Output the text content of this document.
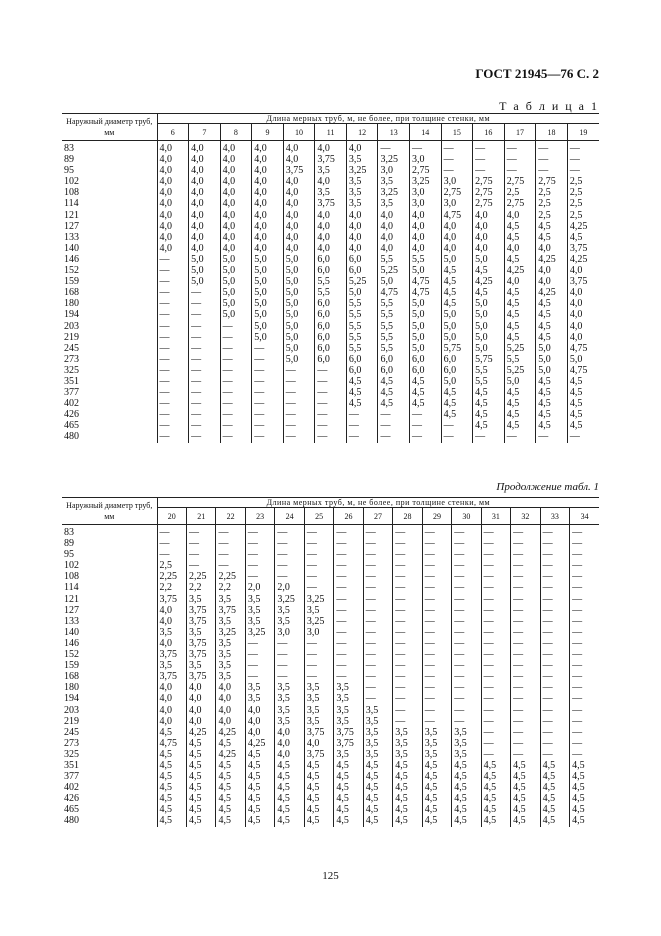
ГОСТ 21945—76 С. 2
Т а б л и ц а 1
Наружный диаметр труб, мм	Длина мерных труб, м, не более, при толщине стенки, мм													
	6	7	8	9	10	11	12	13	14	15	16	17	18	19
83	4,0	4,0	4,0	4,0	4,0	4,0	4,0	—	—	—	—	—	—	—
89	4,0	4,0	4,0	4,0	4,0	3,75	3,5	3,25	3,0	—	—	—	—	—
95	4,0	4,0	4,0	4,0	3,75	3,5	3,25	3,0	2,75	—	—	—	—	—
102	4,0	4,0	4,0	4,0	4,0	4,0	3,5	3,5	3,25	3,0	2,75	2,75	2,75	2,5
108	4,0	4,0	4,0	4,0	4,0	3,5	3,5	3,25	3,0	2,75	2,75	2,5	2,5	2,5
114	4,0	4,0	4,0	4,0	4,0	3,75	3,5	3,5	3,0	3,0	2,75	2,75	2,5	2,5
121	4,0	4,0	4,0	4,0	4,0	4,0	4,0	4,0	4,0	4,75	4,0	4,0	2,5	2,5
127	4,0	4,0	4,0	4,0	4,0	4,0	4,0	4,0	4,0	4,0	4,0	4,5	4,5	4,25
133	4,0	4,0	4,0	4,0	4,0	4,0	4,0	4,0	4,0	4,0	4,0	4,5	4,5	4,5
140	4,0	4,0	4,0	4,0	4,0	4,0	4,0	4,0	4,0	4,0	4,0	4,0	4,0	3,75
146	—	5,0	5,0	5,0	5,0	6,0	6,0	5,5	5,5	5,0	5,0	4,5	4,25	4,25
152	—	5,0	5,0	5,0	5,0	6,0	6,0	5,25	5,0	4,5	4,5	4,25	4,0	4,0
159	—	5,0	5,0	5,0	5,0	5,5	5,25	5,0	4,75	4,5	4,25	4,0	4,0	3,75
168	—	—	5,0	5,0	5,0	5,5	5,0	4,75	4,75	4,5	4,5	4,5	4,25	4,0
180	—	—	5,0	5,0	5,0	6,0	5,5	5,5	5,0	4,5	5,0	4,5	4,5	4,0
194	—	—	5,0	5,0	5,0	6,0	5,5	5,5	5,0	5,0	5,0	4,5	4,5	4,0
203	—	—	—	5,0	5,0	6,0	5,5	5,5	5,0	5,0	5,0	4,5	4,5	4,0
219	—	—	—	5,0	5,0	6,0	5,5	5,5	5,0	5,0	5,0	4,5	4,5	4,0
245	—	—	—	—	5,0	6,0	5,5	5,5	5,0	5,75	5,0	5,25	5,0	4,75
273	—	—	—	—	5,0	6,0	6,0	6,0	6,0	6,0	5,75	5,5	5,0	5,0
325	—	—	—	—	—	—	6,0	6,0	6,0	6,0	5,5	5,25	5,0	4,75
351	—	—	—	—	—	—	4,5	4,5	4,5	5,0	5,5	5,0	4,5	4,5
377	—	—	—	—	—	—	4,5	4,5	4,5	4,5	4,5	4,5	4,5	4,5
402	—	—	—	—	—	—	4,5	4,5	4,5	4,5	4,5	4,5	4,5	4,5
426	—	—	—	—	—	—	—	—	—	4,5	4,5	4,5	4,5	4,5
465	—	—	—	—	—	—	—	—	—	—	4,5	4,5	4,5	4,5
480	—	—	—	—	—	—	—	—	—	—	—	—	—	—
Продолжение табл. 1
Наружный диаметр труб, мм	Длина мерных труб, м, не более, при толщине стенки, мм														
	20	21	22	23	24	25	26	27	28	29	30	31	32	33	34
83	—	—	—	—	—	—	—	—	—	—	—	—	—	—	—
89	—	—	—	—	—	—	—	—	—	—	—	—	—	—	—
95	—	—	—	—	—	—	—	—	—	—	—	—	—	—	—
102	2,5	—	—	—	—	—	—	—	—	—	—	—	—	—	—
108	2,25	2,25	2,25	—	—	—	—	—	—	—	—	—	—	—	—
114	2,2	2,2	2,2	2,0	2,0	—	—	—	—	—	—	—	—	—	—
121	3,75	3,5	3,5	3,5	3,25	3,25	—	—	—	—	—	—	—	—	—
127	4,0	3,75	3,75	3,5	3,5	3,5	—	—	—	—	—	—	—	—	—
133	4,0	3,75	3,5	3,5	3,5	3,25	—	—	—	—	—	—	—	—	—
140	3,5	3,5	3,25	3,25	3,0	3,0	—	—	—	—	—	—	—	—	—
146	4,0	3,75	3,5	—	—	—	—	—	—	—	—	—	—	—	—
152	3,75	3,75	3,5	—	—	—	—	—	—	—	—	—	—	—	—
159	3,5	3,5	3,5	—	—	—	—	—	—	—	—	—	—	—	—
168	3,75	3,75	3,5	—	—	—	—	—	—	—	—	—	—	—	—
180	4,0	4,0	4,0	3,5	3,5	3,5	3,5	—	—	—	—	—	—	—	—
194	4,0	4,0	4,0	3,5	3,5	3,5	3,5	—	—	—	—	—	—	—	—
203	4,0	4,0	4,0	4,0	3,5	3,5	3,5	3,5	—	—	—	—	—	—	—
219	4,0	4,0	4,0	4,0	3,5	3,5	3,5	3,5	—	—	—	—	—	—	—
245	4,5	4,25	4,25	4,0	4,0	3,75	3,75	3,5	3,5	3,5	3,5	—	—	—	—
273	4,75	4,5	4,5	4,25	4,0	4,0	3,75	3,5	3,5	3,5	3,5	—	—	—	—
325	4,5	4,5	4,25	4,5	4,0	3,75	3,5	3,5	3,5	3,5	3,5	—	—	—	—
351	4,5	4,5	4,5	4,5	4,5	4,5	4,5	4,5	4,5	4,5	4,5	4,5	4,5	4,5	4,5
377	4,5	4,5	4,5	4,5	4,5	4,5	4,5	4,5	4,5	4,5	4,5	4,5	4,5	4,5	4,5
402	4,5	4,5	4,5	4,5	4,5	4,5	4,5	4,5	4,5	4,5	4,5	4,5	4,5	4,5	4,5
426	4,5	4,5	4,5	4,5	4,5	4,5	4,5	4,5	4,5	4,5	4,5	4,5	4,5	4,5	4,5
465	4,5	4,5	4,5	4,5	4,5	4,5	4,5	4,5	4,5	4,5	4,5	4,5	4,5	4,5	4,5
480	4,5	4,5	4,5	4,5	4,5	4,5	4,5	4,5	4,5	4,5	4,5	4,5	4,5	4,5	4,5
125
